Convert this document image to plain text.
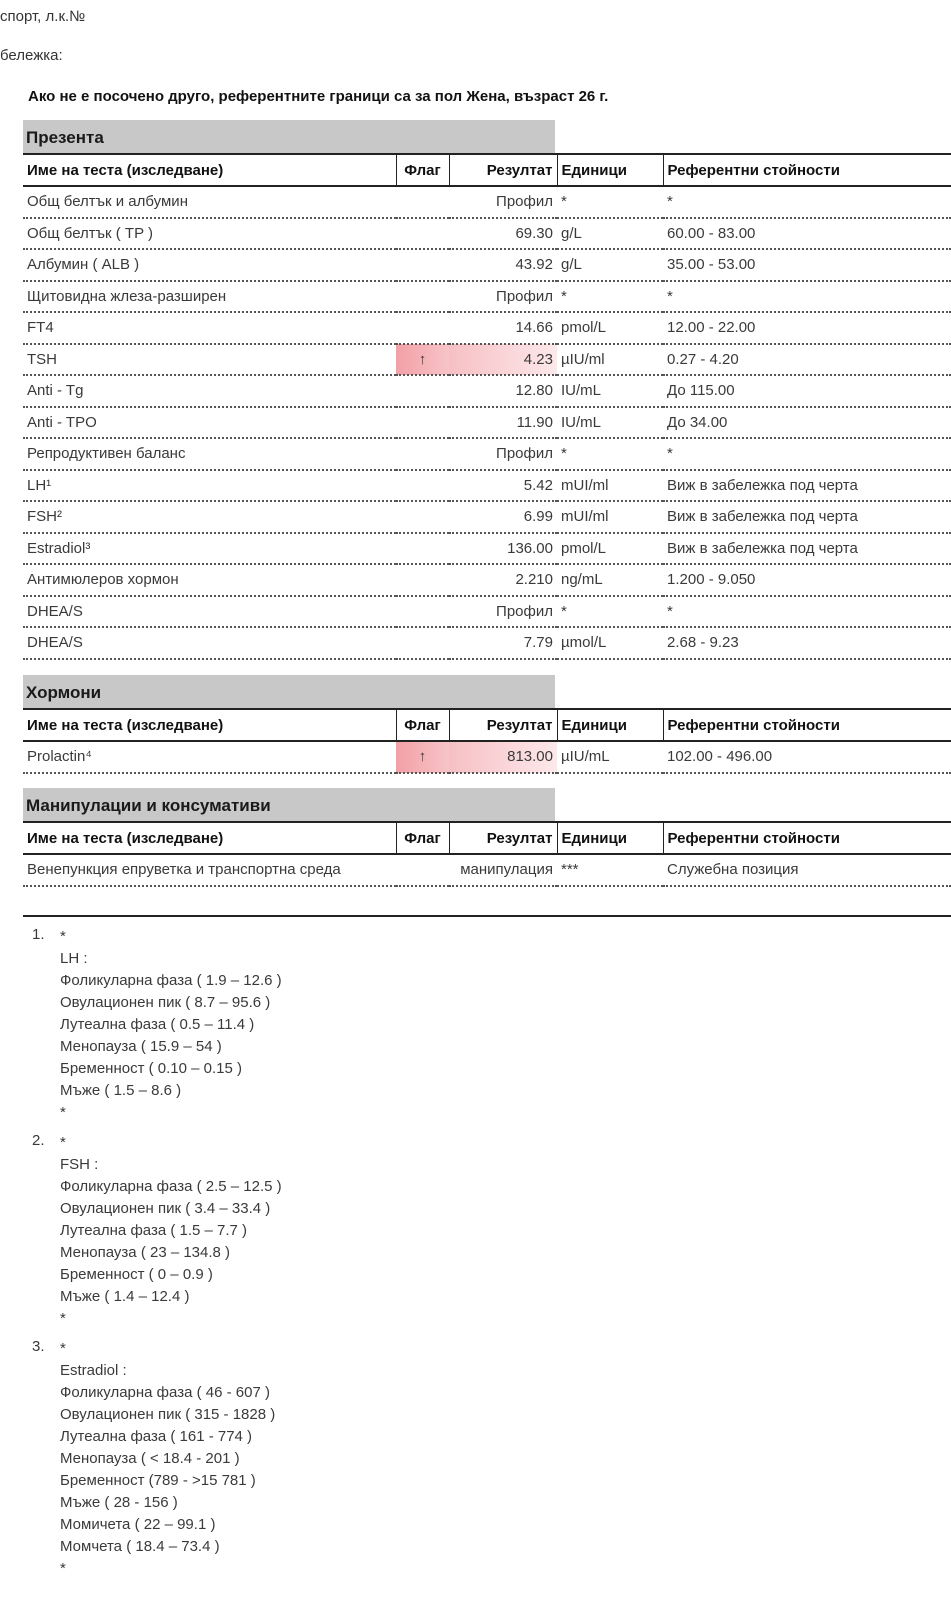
спорт, л.к.№
бележка:
Ако не е посочено друго, референтните граници са за пол Жена, възраст 26 г.
Презента
Име на теста (изследване)	Флаг	Резултат	Единици	Референтни стойности
Общ белтък и албумин		Профил	*	*
Общ белтък ( TP )		69.30	g/L	60.00 - 83.00
Албумин ( ALB )		43.92	g/L	35.00 - 53.00
Щитовидна жлеза-разширен		Профил	*	*
FT4		14.66	pmol/L	12.00 - 22.00
TSH	↑	4.23	µIU/ml	0.27 - 4.20
Anti - Tg		12.80	IU/mL	До 115.00
Anti - TPO		11.90	IU/mL	До 34.00
Репродуктивен баланс		Профил	*	*
LH¹		5.42	mUI/ml	Виж в забележка под черта
FSH²		6.99	mUI/ml	Виж в забележка под черта
Estradiol³		136.00	pmol/L	Виж в забележка под черта
Антимюлеров хормон		2.210	ng/mL	1.200 - 9.050
DHEA/S		Профил	*	*
DHEA/S		7.79	µmol/L	2.68 - 9.23
Хормони
Име на теста (изследване)	Флаг	Резултат	Единици	Референтни стойности
Prolactin⁴	↑	813.00	µIU/mL	102.00 - 496.00
Манипулации и консумативи
Име на теста (изследване)	Флаг	Резултат	Единици	Референтни стойности
Венепункция епруветка и транспортна среда		манипулация	***	Служебна позиция
1. *
LH :
Фоликуларна фаза ( 1.9 – 12.6 )
Овулационен пик ( 8.7 – 95.6 )
Лутеална фаза ( 0.5 – 11.4 )
Менопауза ( 15.9 – 54 )
Бременност ( 0.10 – 0.15 )
Мъже ( 1.5 – 8.6 )
*
2. *
FSH :
Фоликуларна фаза ( 2.5 – 12.5 )
Овулационен пик ( 3.4 – 33.4 )
Лутеална фаза ( 1.5 – 7.7 )
Менопауза ( 23 – 134.8 )
Бременност ( 0 – 0.9 )
Мъже ( 1.4 – 12.4 )
*
3. *
Estradiol :
Фоликуларна фаза ( 46 - 607 )
Овулационен пик ( 315 - 1828 )
Лутеална фаза ( 161 - 774 )
Менопауза ( < 18.4 - 201 )
Бременност (789 - >15 781 )
Мъже ( 28 - 156 )
Момичета ( 22 – 99.1 )
Момчета ( 18.4 – 73.4 )
*
